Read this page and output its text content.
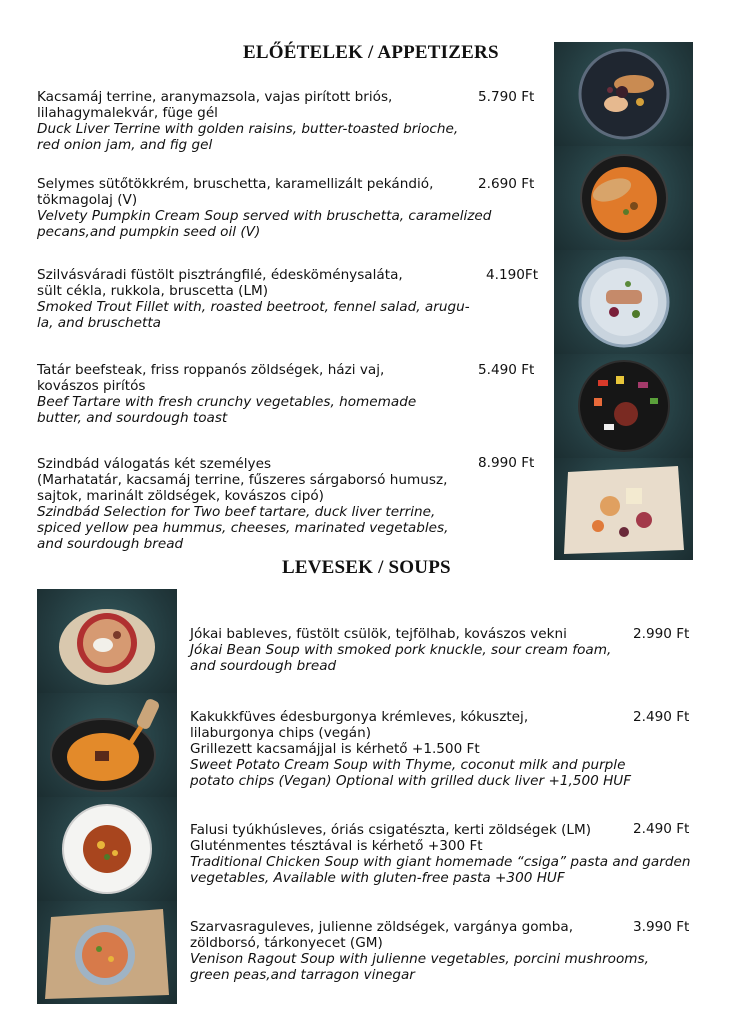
ELŐÉTELEK / APPETIZERS
Kacsamáj terrine, aranymazsola, vajas pirított briós,
lilahagymalekvár, füge gél
Duck Liver Terrine with golden raisins, butter-toasted brioche,
red onion jam, and fig gel
5.790 Ft
Selymes sütőtökkrém, bruschetta, karamellizált pekándió,
tökmagolaj (V)
Velvety Pumpkin Cream Soup served with bruschetta, caramelized
pecans,and pumpkin seed oil (V)
2.690 Ft
Szilvásváradi füstölt pisztrángfilé, édesköménysaláta,
sült cékla, rukkola, bruscetta (LM)
Smoked Trout Fillet with, roasted beetroot, fennel salad, arugu-
la, and bruschetta
4.190Ft
Tatár beefsteak, friss roppanós zöldségek, házi vaj,
kovászos pirítós
Beef Tartare with fresh crunchy vegetables, homemade
butter, and sourdough toast
5.490 Ft
Szindbád válogatás két személyes
(Marhatatár, kacsamáj terrine, fűszeres sárgaborsó humusz,
sajtok, marinált zöldségek, kovászos cipó)
Szindbád Selection for Two beef tartare, duck liver terrine,
spiced yellow pea hummus, cheeses, marinated vegetables,
and sourdough bread
8.990 Ft
LEVESEK / SOUPS
Jókai bableves, füstölt csülök, tejfölhab, kovászos vekni
Jókai Bean Soup with smoked pork knuckle, sour cream foam,
and sourdough bread
2.990 Ft
Kakukkfüves édesburgonya krémleves, kókusztej,
lilaburgonya chips (vegán)
Grillezett kacsamájjal is kérhető +1.500 Ft
Sweet Potato Cream Soup with Thyme, coconut milk and purple
potato chips (Vegan) Optional with grilled duck liver +1,500 HUF
2.490 Ft
Falusi tyúkhúsleves, óriás csigatészta, kerti zöldségek (LM)
Gluténmentes tésztával is kérhető +300 Ft
Traditional Chicken Soup with giant homemade “csiga” pasta and garden
vegetables, Available with gluten-free pasta +300 HUF
2.490 Ft
Szarvasraguleves, julienne zöldségek, vargánya gomba,
zöldborsó, tárkonyecet (GM)
Venison Ragout Soup with julienne vegetables, porcini mushrooms,
green peas,and tarragon vinegar
3.990 Ft
